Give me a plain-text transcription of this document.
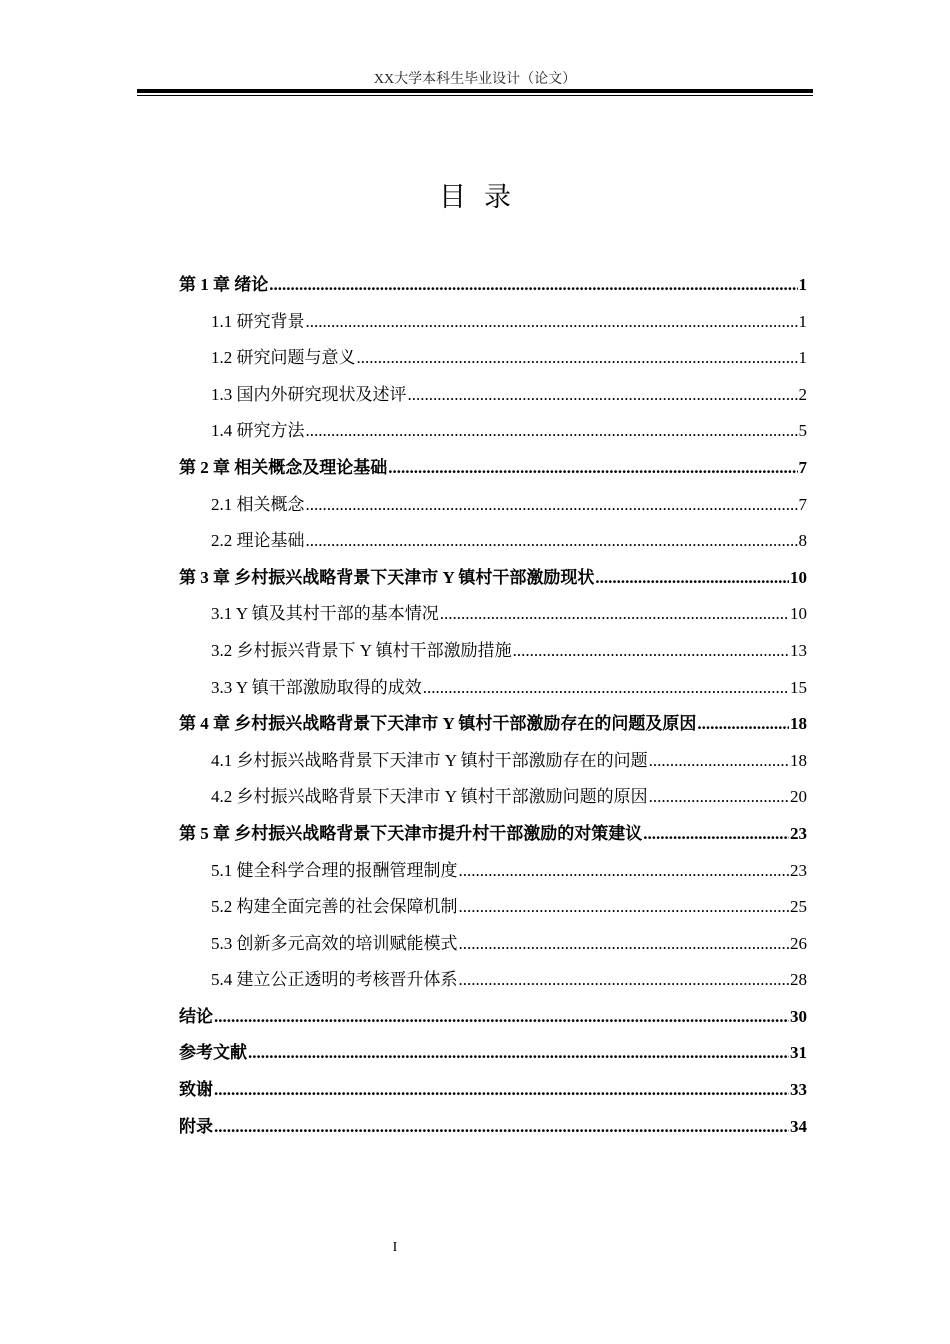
XX大学本科生毕业设计（论文）
目录
第 1 章 绪论 .....	1
1.1 研究背景 .....	1
1.2 研究问题与意义 .....	1
1.3 国内外研究现状及述评 .....	2
1.4 研究方法 .....	5
第 2 章 相关概念及理论基础 .....	7
2.1 相关概念 .....	7
2.2 理论基础 .....	8
第 3 章 乡村振兴战略背景下天津市 Y 镇村干部激励现状 .....	10
3.1 Y 镇及其村干部的基本情况 .....	10
3.2 乡村振兴背景下 Y 镇村干部激励措施 .....	13
3.3 Y 镇干部激励取得的成效 .....	15
第 4 章 乡村振兴战略背景下天津市 Y 镇村干部激励存在的问题及原因 .....	18
4.1 乡村振兴战略背景下天津市 Y 镇村干部激励存在的问题 .....	18
4.2 乡村振兴战略背景下天津市 Y 镇村干部激励问题的原因 .....	20
第 5 章 乡村振兴战略背景下天津市提升村干部激励的对策建议 .....	23
5.1 健全科学合理的报酬管理制度 .....	23
5.2 构建全面完善的社会保障机制 .....	25
5.3 创新多元高效的培训赋能模式 .....	26
5.4 建立公正透明的考核晋升体系 .....	28
结论 .....	30
参考文献 .....	31
致谢 .....	33
附录 .....	34
I
